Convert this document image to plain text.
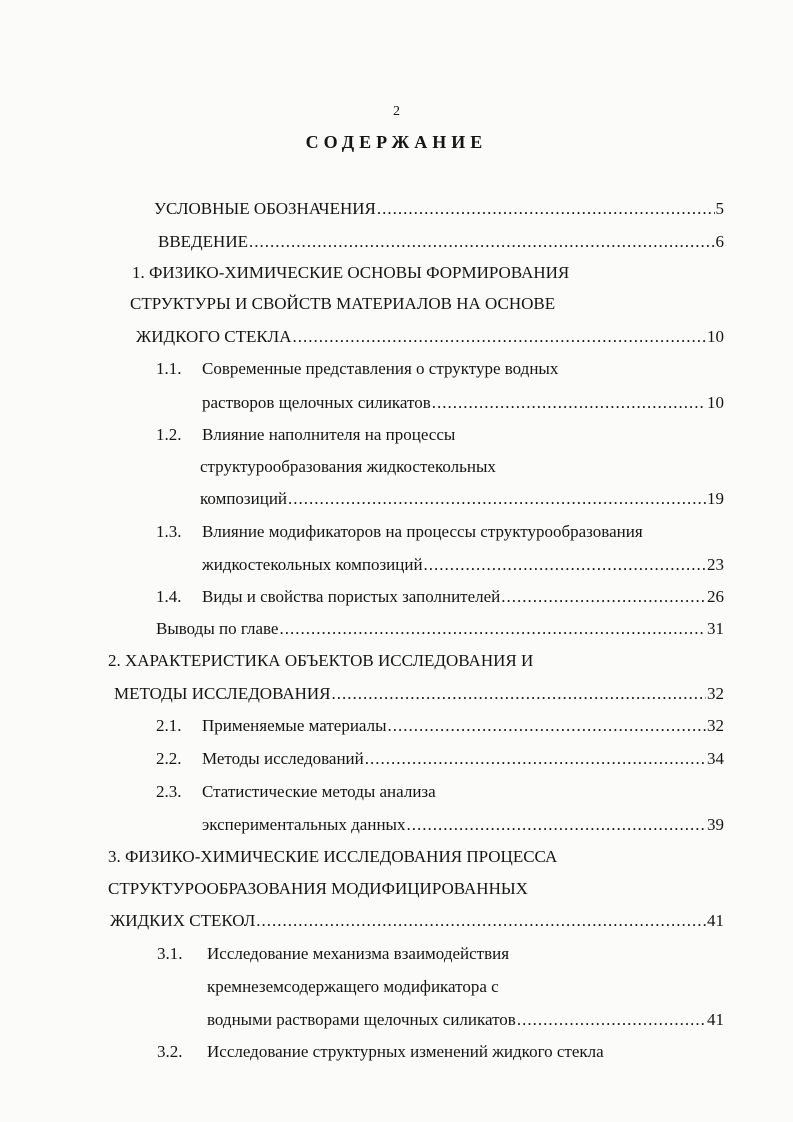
2
СОДЕРЖАНИЕ
УСЛОВНЫЕ ОБОЗНАЧЕНИЯ .....	5
ВВЕДЕНИЕ .....	6
1. ФИЗИКО-ХИМИЧЕСКИЕ ОСНОВЫ ФОРМИРОВАНИЯ
СТРУКТУРЫ И СВОЙСТВ МАТЕРИАЛОВ НА ОСНОВЕ
ЖИДКОГО СТЕКЛА .....	10
1.1. Современные представления о структуре водных
растворов щелочных силикатов .....	10
1.2. Влияние наполнителя на процессы
структурообразования жидкостекольных
композиций .....	19
1.3. Влияние модификаторов на процессы структурообразования
жидкостекольных композиций .....	23
1.4. Виды и свойства пористых заполнителей .....	26
Выводы по главе .....	31
2. ХАРАКТЕРИСТИКА ОБЪЕКТОВ ИССЛЕДОВАНИЯ И
МЕТОДЫ ИССЛЕДОВАНИЯ .....	32
2.1. Применяемые материалы .....	32
2.2. Методы исследований .....	34
2.3. Статистические методы анализа
экспериментальных данных .....	39
3. ФИЗИКО-ХИМИЧЕСКИЕ ИССЛЕДОВАНИЯ ПРОЦЕССА
СТРУКТУРООБРАЗОВАНИЯ МОДИФИЦИРОВАННЫХ
ЖИДКИХ СТЕКОЛ .....	41
3.1. Исследование механизма взаимодействия
кремнеземсодержащего модификатора с
водными растворами щелочных силикатов .....	41
3.2. Исследование структурных изменений жидкого стекла
